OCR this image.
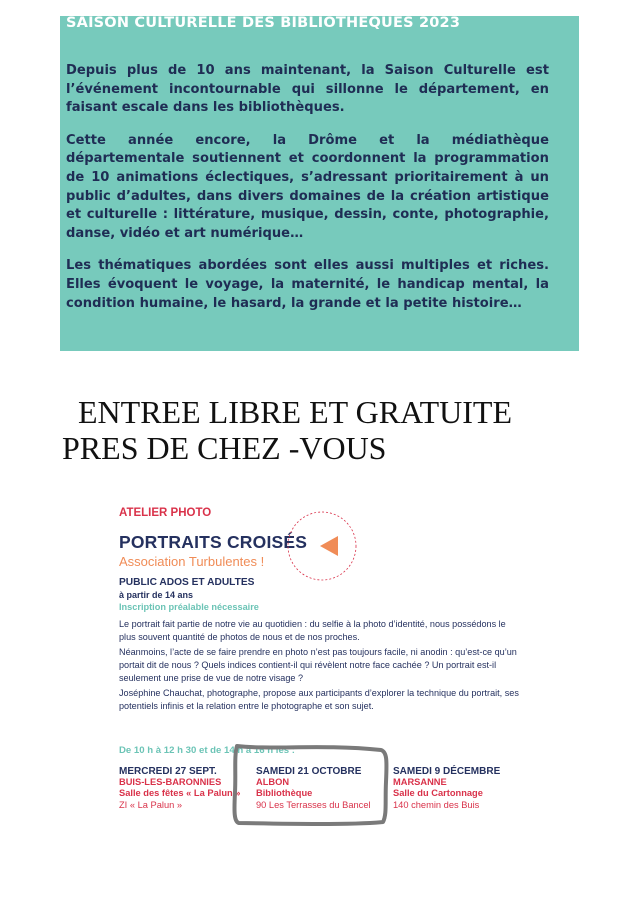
SAISON CULTURELLE DES BIBLIOTHEQUES 2023

Depuis plus de 10 ans maintenant, la Saison Culturelle est l’événement incontournable qui sillonne le département, en faisant escale dans les bibliothèques.

Cette année encore, la Drôme et la médiathèque départementale soutiennent et coordonnent la programmation de 10 animations éclectiques, s’adressant prioritairement à un public d’adultes, dans divers domaines de la création artistique et culturelle : littérature, musique, dessin, conte, photographie, danse, vidéo et art numérique…

Les thématiques abordées sont elles aussi multiples et riches. Elles évoquent le voyage, la maternité, le handicap mental, la condition humaine, le hasard, la grande et la petite histoire…

ENTREE LIBRE ET GRATUITE
PRES DE CHEZ -VOUS
ATELIER PHOTO
PORTRAITS CROISÉS
Association Turbulentes !
PUBLIC ADOS ET ADULTES
à partir de 14 ans
Inscription préalable nécessaire

Le portrait fait partie de notre vie au quotidien : du selfie à la photo d’identité, nous possédons le plus souvent quantité de photos de nous et de nos proches.

Néanmoins, l’acte de se faire prendre en photo n’est pas toujours facile, ni anodin : qu’est-ce qu’un portait dit de nous ? Quels indices contient-il qui révèlent notre face cachée ? Un portrait est-il seulement une prise de vue de notre visage ?

Joséphine Chauchat, photographe, propose aux participants d’explorer la technique du portrait, ses potentiels infinis et la relation entre le photographe et son sujet.

De 10 h à 12 h 30 et de 14 h à 16 h les :
MERCREDI 27 SEPT.
BUIS-LES-BARONNIES
Salle des fêtes « La Palun »
ZI « La Palun »
SAMEDI 21 OCTOBRE
ALBON
Bibliothèque
90 Les Terrasses du Bancel
SAMEDI 9 DÉCEMBRE
MARSANNE
Salle du Cartonnage
140 chemin des Buis
